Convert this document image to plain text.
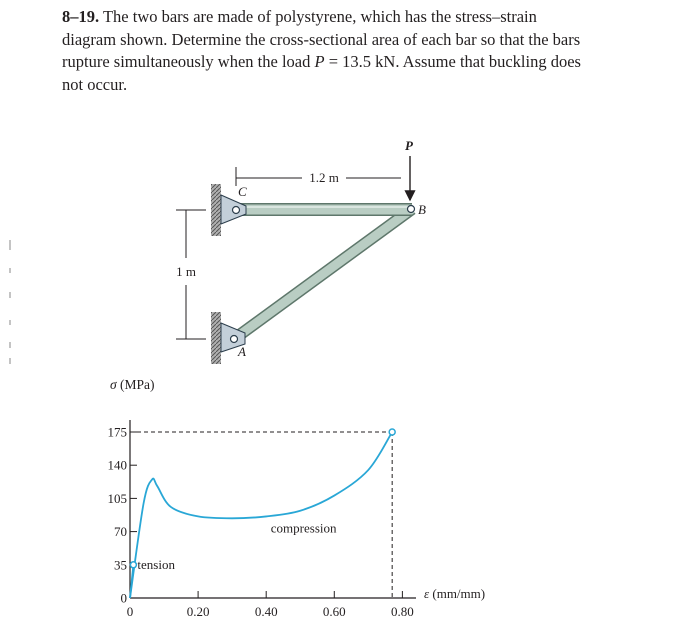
8–19. The two bars are made of polystyrene, which has the stress–strain diagram shown. Determine the cross-sectional area of each bar so that the bars rupture simultaneously when the load P = 13.5 kN. Assume that buckling does not occur.
P
B
C
A
1.2 m
1 m
σ (MPa)
0
35
70
105
140
175
0	0.20	0.40	0.60	0.80
ε (mm/mm)
tension
compression
